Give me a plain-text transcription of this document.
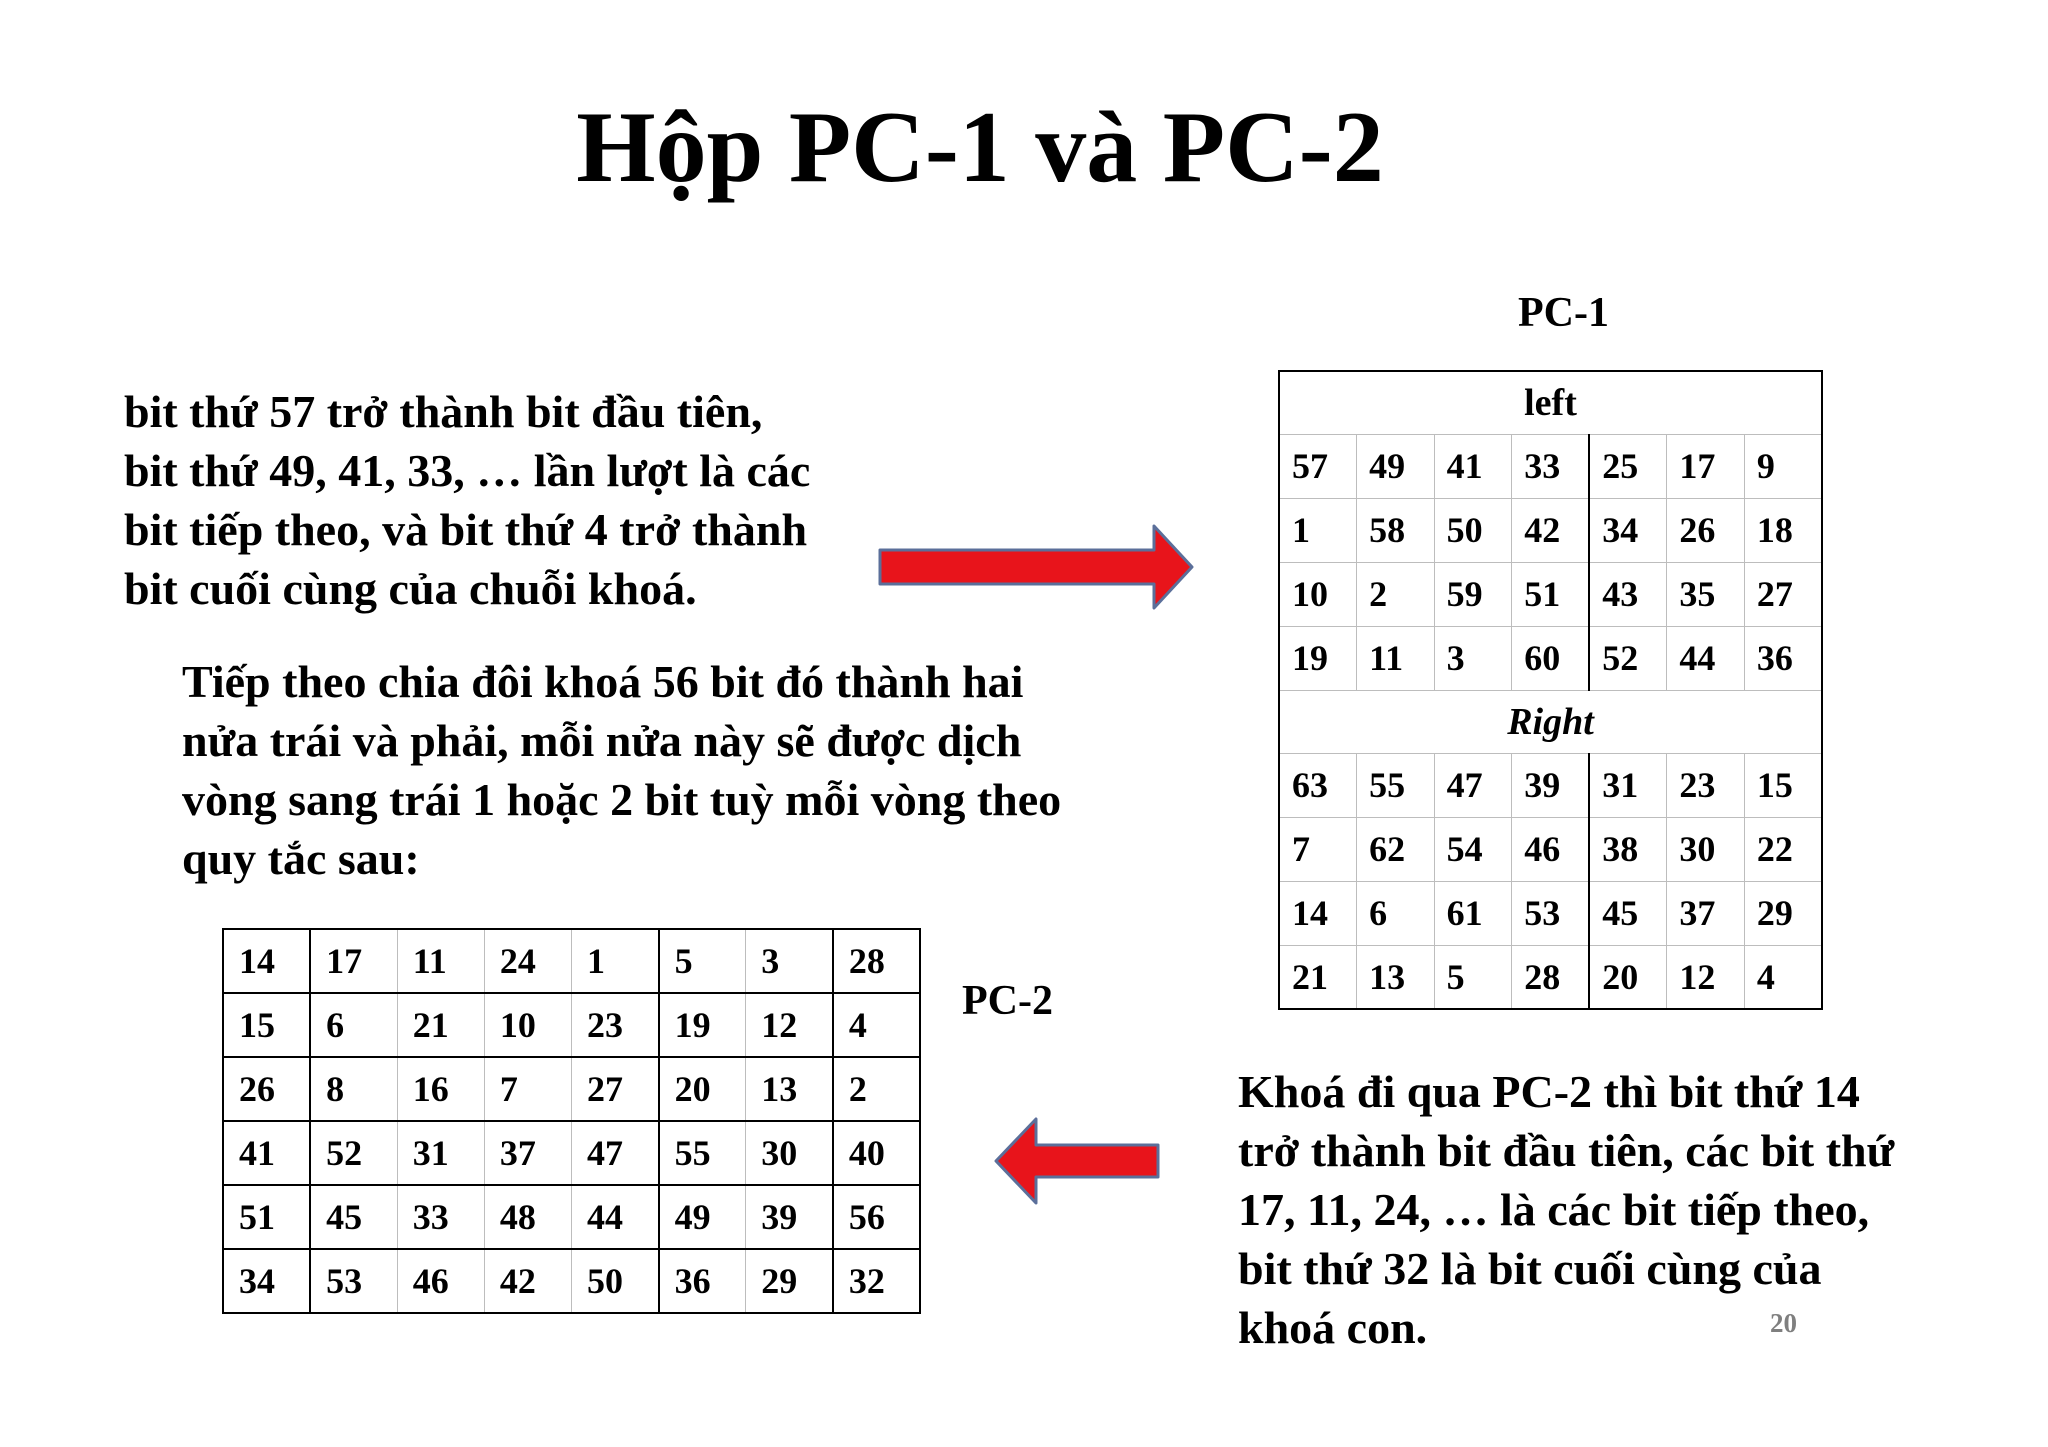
Hộp PC-1 và PC-2
bit thứ 57 trở thành bit đầu tiên,
bit thứ 49, 41, 33, … lần lượt là các
bit tiếp theo, và bit thứ 4 trở thành
bit cuối cùng của chuỗi khoá.
Tiếp theo chia đôi khoá 56 bit đó thành hai
nửa trái và phải, mỗi nửa này sẽ được dịch
vòng sang trái 1 hoặc 2 bit tuỳ mỗi vòng theo
quy tắc sau:
Khoá đi qua PC-2 thì bit thứ 14
trở thành bit đầu tiên, các bit thứ
17, 11, 24, … là các bit tiếp theo,
bit thứ 32 là bit cuối cùng của
khoá con.
PC-1
PC-2
left						
57	49	41	33	25	17	9
1	58	50	42	34	26	18
10	2	59	51	43	35	27
19	11	3	60	52	44	36
Right						
63	55	47	39	31	23	15
7	62	54	46	38	30	22
14	6	61	53	45	37	29
21	13	5	28	20	12	4
14	17	11	24	1	5	3	28
15	6	21	10	23	19	12	4
26	8	16	7	27	20	13	2
41	52	31	37	47	55	30	40
51	45	33	48	44	49	39	56
34	53	46	42	50	36	29	32
20
